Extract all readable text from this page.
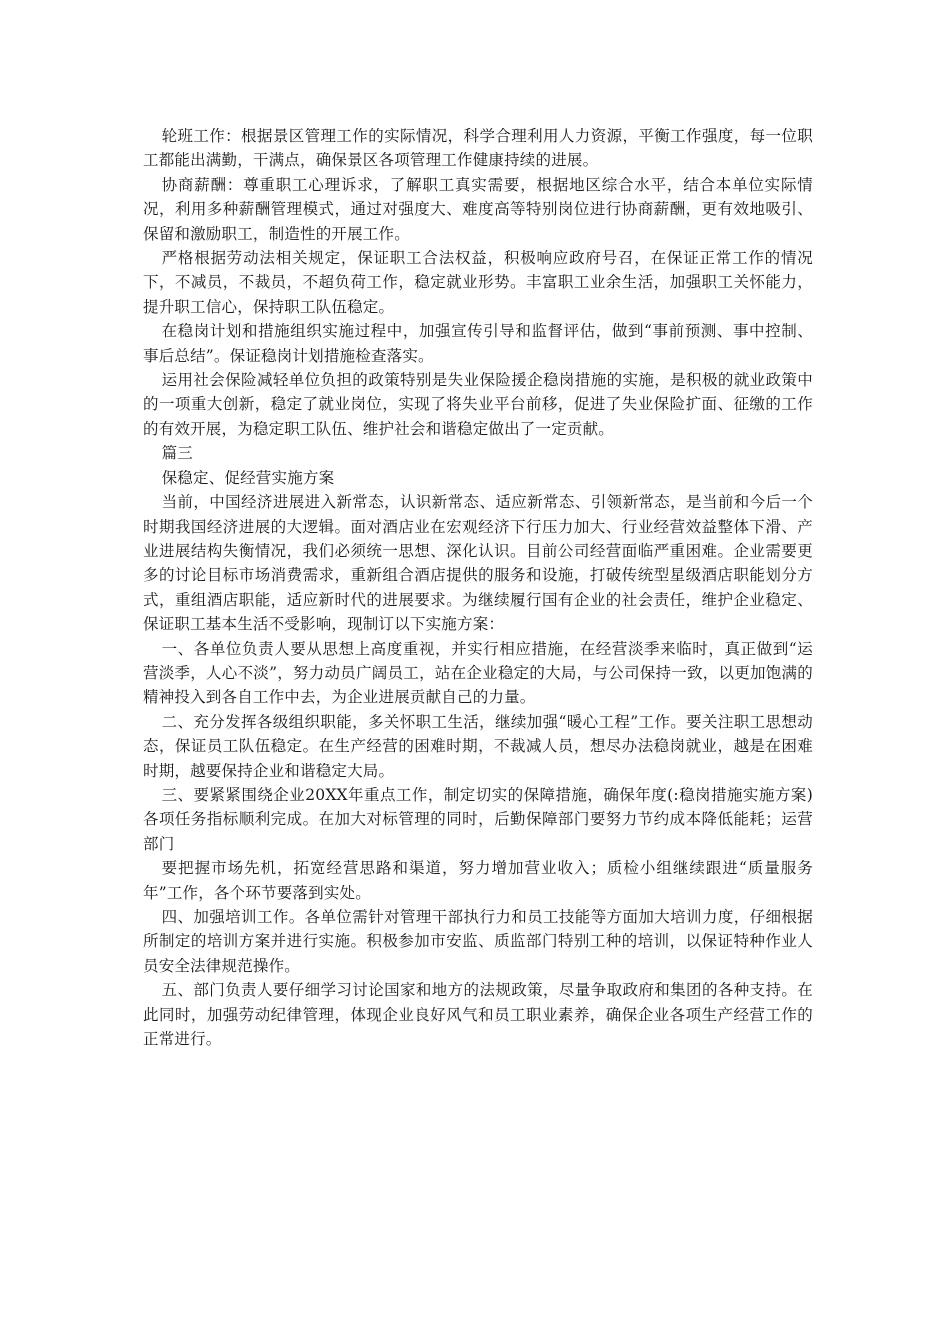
轮班工作：根据景区管理工作的实际情况，科学合理利用人力资源，平衡工作强度，每一位职工都能出满勤，干满点，确保景区各项管理工作健康持续的进展。

协商薪酬：尊重职工心理诉求，了解职工真实需要，根据地区综合水平，结合本单位实际情况，利用多种薪酬管理模式，通过对强度大、难度高等特别岗位进行协商薪酬，更有效地吸引、保留和激励职工，制造性的开展工作。

严格根据劳动法相关规定，保证职工合法权益，积极响应政府号召，在保证正常工作的情况下，不减员，不裁员，不超负荷工作，稳定就业形势。丰富职工业余生活，加强职工关怀能力，提升职工信心，保持职工队伍稳定。

在稳岗计划和措施组织实施过程中，加强宣传引导和监督评估，做到“事前预测、事中控制、事后总结”。保证稳岗计划措施检查落实。

运用社会保险减轻单位负担的政策特别是失业保险援企稳岗措施的实施，是积极的就业政策中的一项重大创新，稳定了就业岗位，实现了将失业平台前移，促进了失业保险扩面、征缴的工作的有效开展，为稳定职工队伍、维护社会和谐稳定做出了一定贡献。

篇三

保稳定、促经营实施方案

当前，中国经济进展进入新常态，认识新常态、适应新常态、引领新常态，是当前和今后一个时期我国经济进展的大逻辑。面对酒店业在宏观经济下行压力加大、行业经营效益整体下滑、产业进展结构失衡情况，我们必须统一思想、深化认识。目前公司经营面临严重困难。企业需要更多的讨论目标市场消费需求，重新组合酒店提供的服务和设施，打破传统型星级酒店职能划分方式，重组酒店职能，适应新时代的进展要求。为继续履行国有企业的社会责任，维护企业稳定、保证职工基本生活不受影响，现制订以下实施方案：

一、各单位负责人要从思想上高度重视，并实行相应措施，在经营淡季来临时，真正做到“运营淡季，人心不淡”，努力动员广阔员工，站在企业稳定的大局，与公司保持一致，以更加饱满的精神投入到各自工作中去，为企业进展贡献自己的力量。

二、充分发挥各级组织职能，多关怀职工生活，继续加强“暖心工程”工作。要关注职工思想动态，保证员工队伍稳定。在生产经营的困难时期，不裁减人员，想尽办法稳岗就业，越是在困难时期，越要保持企业和谐稳定大局。

三、要紧紧围绕企业20XX年重点工作，制定切实的保障措施，确保年度(:稳岗措施实施方案)各项任务指标顺利完成。在加大对标管理的同时，后勤保障部门要努力节约成本降低能耗；运营部门

要把握市场先机，拓宽经营思路和渠道，努力增加营业收入；质检小组继续跟进“质量服务年”工作，各个环节要落到实处。

四、加强培训工作。各单位需针对管理干部执行力和员工技能等方面加大培训力度，仔细根据所制定的培训方案并进行实施。积极参加市安监、质监部门特别工种的培训，以保证特种作业人员安全法律规范操作。

五、部门负责人要仔细学习讨论国家和地方的法规政策，尽量争取政府和集团的各种支持。在此同时，加强劳动纪律管理，体现企业良好风气和员工职业素养，确保企业各项生产经营工作的正常进行。
